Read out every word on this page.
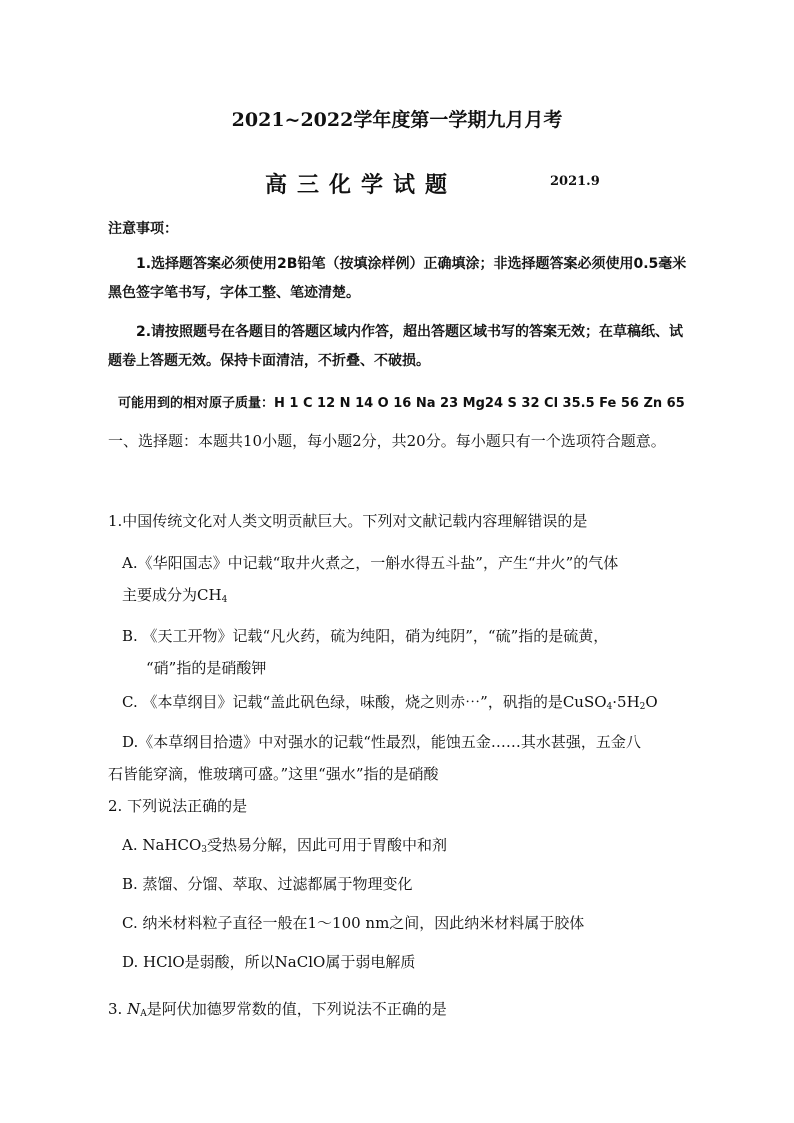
2021~2022学年度第一学期九月月考
高三化学试题	2021.9
注意事项：
1.选择题答案必须使用2B铅笔（按填涂样例）正确填涂；非选择题答案必须使用0.5毫米黑色签字笔书写，字体工整、笔迹清楚。
2.请按照题号在各题目的答题区域内作答，超出答题区域书写的答案无效；在草稿纸、试题卷上答题无效。保持卡面清洁，不折叠、不破损。
可能用到的相对原子质量：H 1 C 12 N 14 O 16 Na 23 Mg24 S 32 Cl 35.5 Fe 56 Zn 65
一、选择题：本题共10小题，每小题2分，共20分。每小题只有一个选项符合题意。
1.中国传统文化对人类文明贡献巨大。下列对文献记载内容理解错误的是
A.《华阳国志》中记载“取井火煮之，一斛水得五斗盐”，产生“井火”的气体
主要成分为$CH_4$
B. 《天工开物》记载“凡火药，硫为纯阳，硝为纯阴”，“硫”指的是硫黄，
“硝”指的是硝酸钾
C. 《本草纲目》记载“盖此矾色绿，味酸，烧之则赤⋯”，矾指的是$CuSO_4\cdot 5H_2O$
D.《本草纲目拾遗》中对强水的记载“性最烈，能蚀五金……其水甚强，五金八
石皆能穿滴，惟玻璃可盛。”这里“强水”指的是硝酸
2. 下列说法正确的是
A. NaHCO$_3$受热易分解，因此可用于胃酸中和剂
B. 蒸馏、分馏、萃取、过滤都属于物理变化
C. 纳米材料粒子直径一般在1～100 nm之间，因此纳米材料属于胶体
D. HClO是弱酸，所以NaClO属于弱电解质
3. $N_A$是阿伏加德罗常数的值，下列说法不正确的是
